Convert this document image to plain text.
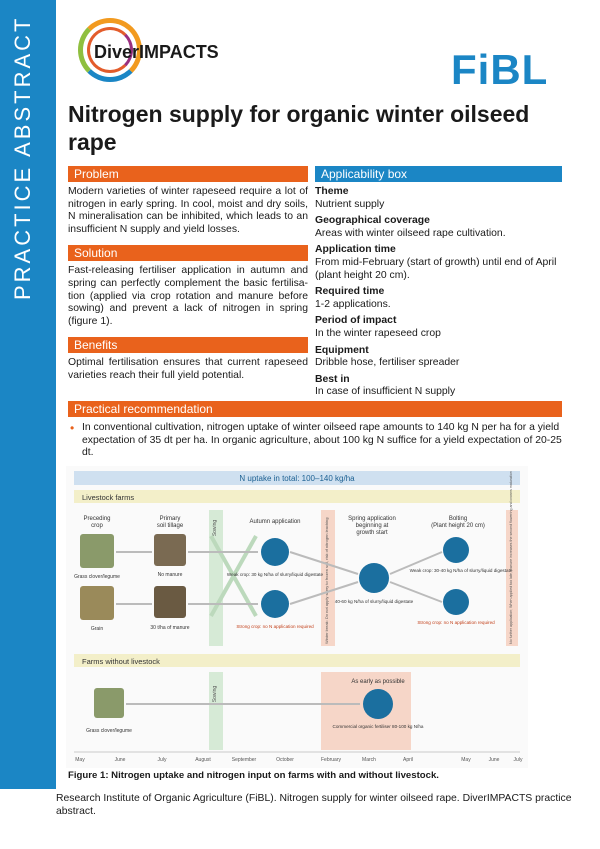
PRACTICE ABSTRACT	DiverIMPACTS	FiBL
Nitrogen supply for organic winter oilseed rape
Problem

Modern varieties of winter rapeseed require a lot of nitrogen in early spring. In cool, moist and dry soils, N mineralisation can be inhibited, which leads to an insufficient N supply and yield losses.

Solution

Fast-releasing fertiliser application in autumn and spring can perfectly complement the basic fertilisa-tion (applied via crop rotation and manure before sowing) and prevent a lack of nitrogen in spring (figure 1).

Benefits

Optimal fertilisation ensures that current rapeseed varieties reach their full yield potential.

Applicability box
Theme
Nutrient supply
Geographical coverage
Areas with winter oilseed rape cultivation.
Application time
From mid-February (start of growth) until end of April (plant height 20 cm).
Required time
1-2 applications.
Period of impact
In the winter rapeseed crop
Equipment
Dribble hose, fertiliser spreader
Best in
In case of insufficient N supply
Practical recommendation
• In conventional cultivation, nitrogen uptake of winter oilseed rape amounts to 140 kg N per ha for a yield expectation of 35 dt per ha. In organic agriculture, about 100 kg N suffice for a yield expectation of 20-25 dt.
N uptake in total: 100–140 kg/ha
Livestock farms
Preceding crop
Primary soil tillage
Autumn application	Spring application beginning at growth start
Bolting (Plant height 20 cm)
Sowing	Winter break: Do not apply slurry to frozen soil, risk of nitrogen leaching	No further application; When applied too late, manure increases the second flowering and crowns maturation
Grass clover/legume
Grain
No manure
30 t/ha of manure
Weak crop: 30 kg N/ha of slurry/liquid digestate
Strong crop: no N application required
40-60 kg N/ha of slurry/liquid digestate
Weak crop: 30-40 kg N/ha of slurry/liquid digestate
Strong crop: no N application required
Farms without livestock
Sowing
As early as possible
Grass clover/legume
Commercial organic fertiliser 80-100 kg N/ha
May	June	July	August	September	October	February	March	April	May	June	July
Figure 1: Nitrogen uptake and nitrogen input on farms with and without livestock.
Research Institute of Organic Agriculture (FiBL). Nitrogen supply for winter oilseed rape. DiverIMPACTS practice abstract.
